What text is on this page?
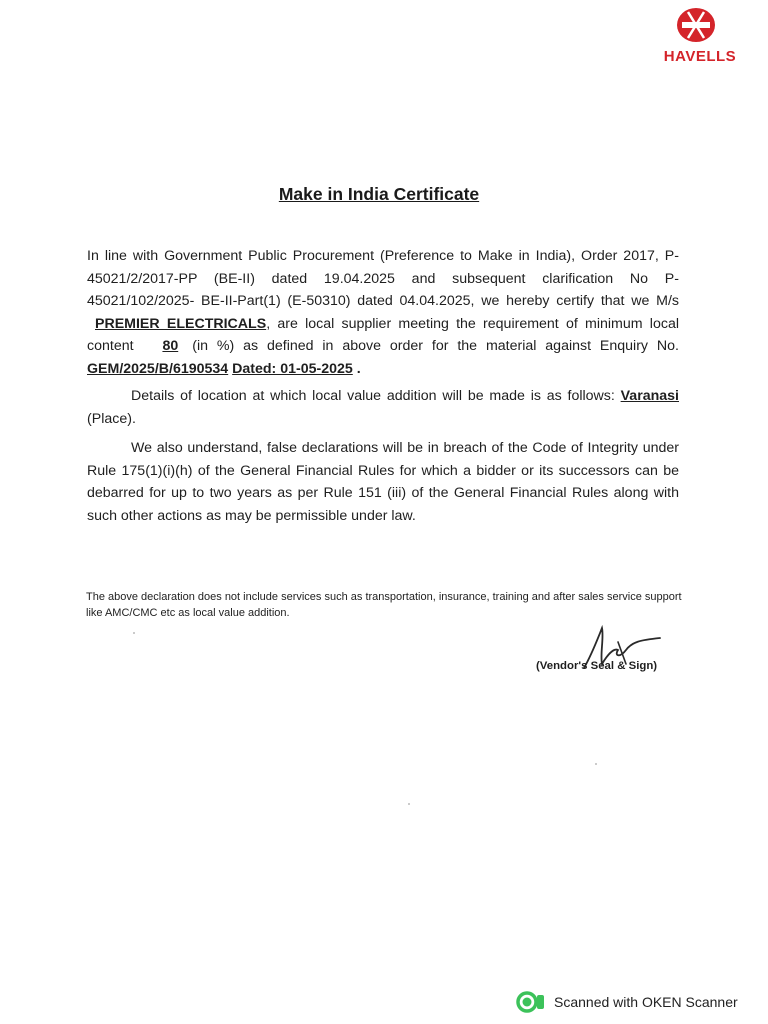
HAVELLS
Make in India Certificate
In line with Government Public Procurement (Preference to Make in India), Order 2017, P- 45021/2/2017-PP (BE-II) dated 19.04.2025 and subsequent clarification No P-45021/102/2025- BE-II-Part(1) (E-50310) dated 04.04.2025, we hereby certify that we M/s PREMIER ELECTRICALS, are local supplier meeting the requirement of minimum local content 80 (in %) as defined in above order for the material against Enquiry No. GEM/2025/B/6190534 Dated: 01-05-2025 .
Details of location at which local value addition will be made is as follows: Varanasi (Place).
We also understand, false declarations will be in breach of the Code of Integrity under Rule 175(1)(i)(h) of the General Financial Rules for which a bidder or its successors can be debarred for up to two years as per Rule 151 (iii) of the General Financial Rules along with such other actions as may be permissible under law.
The above declaration does not include services such as transportation, insurance, training and after sales service support like AMC/CMC etc as local value addition.
(Vendor's Seal & Sign)
Scanned with OKEN Scanner
